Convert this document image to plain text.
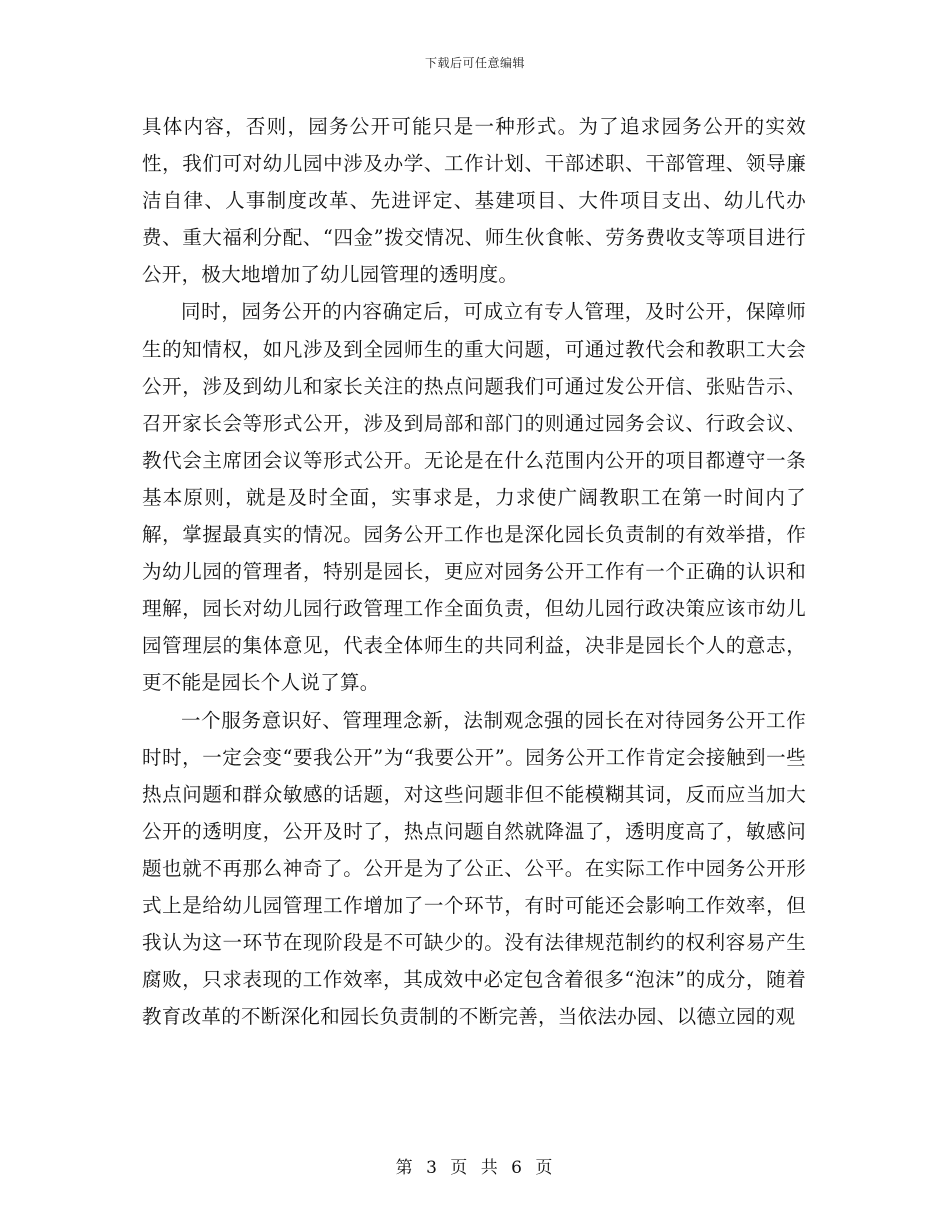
下载后可任意编辑

具体内容，否则，园务公开可能只是一种形式。为了追求园务公开的实效性，我们可对幼儿园中涉及办学、工作计划、干部述职、干部管理、领导廉洁自律、人事制度改革、先进评定、基建项目、大件项目支出、幼儿代办费、重大福利分配、“四金”拨交情况、师生伙食帐、劳务费收支等项目进行公开，极大地增加了幼儿园管理的透明度。

同时，园务公开的内容确定后，可成立有专人管理，及时公开，保障师生的知情权，如凡涉及到全园师生的重大问题，可通过教代会和教职工大会公开，涉及到幼儿和家长关注的热点问题我们可通过发公开信、张贴告示、召开家长会等形式公开，涉及到局部和部门的则通过园务会议、行政会议、教代会主席团会议等形式公开。无论是在什么范围内公开的项目都遵守一条基本原则，就是及时全面，实事求是，力求使广阔教职工在第一时间内了解，掌握最真实的情况。园务公开工作也是深化园长负责制的有效举措，作为幼儿园的管理者，特别是园长，更应对园务公开工作有一个正确的认识和理解，园长对幼儿园行政管理工作全面负责，但幼儿园行政决策应该市幼儿园管理层的集体意见，代表全体师生的共同利益，决非是园长个人的意志，更不能是园长个人说了算。

一个服务意识好、管理理念新，法制观念强的园长在对待园务公开工作时时，一定会变“要我公开”为“我要公开”。园务公开工作肯定会接触到一些热点问题和群众敏感的话题，对这些问题非但不能模糊其词，反而应当加大公开的透明度，公开及时了，热点问题自然就降温了，透明度高了，敏感问题也就不再那么神奇了。公开是为了公正、公平。在实际工作中园务公开形式上是给幼儿园管理工作增加了一个环节，有时可能还会影响工作效率，但我认为这一环节在现阶段是不可缺少的。没有法律规范制约的权利容易产生腐败，只求表现的工作效率，其成效中必定包含着很多“泡沫”的成分，随着教育改革的不断深化和园长负责制的不断完善，当依法办园、以德立园的观

第 3 页 共 6 页
